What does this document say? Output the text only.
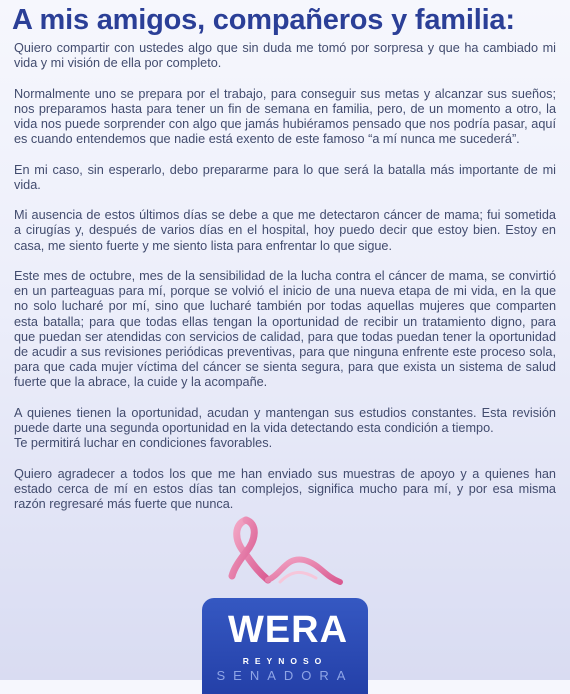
A mis amigos, compañeros y familia:

Quiero compartir con ustedes algo que sin duda me tomó por sorpresa y que ha cambiado mi vida y mi visión de ella por completo.

Normalmente uno se prepara por el trabajo, para conseguir sus metas y alcanzar sus sueños; nos preparamos hasta para tener un fin de semana en familia, pero, de un momento a otro, la vida nos puede sorprender con algo que jamás hubiéramos pensado que nos podría pasar, aquí es cuando entendemos que nadie está exento de este famoso “a mí nunca me sucederá”.

En mi caso, sin esperarlo, debo prepararme para lo que será la batalla más importante de mi vida.

Mi ausencia de estos últimos días se debe a que me detectaron cáncer de mama; fui sometida a cirugías y, después de varios días en el hospital, hoy puedo decir que estoy bien. Estoy en casa, me siento fuerte y me siento lista para enfrentar lo que sigue.

Este mes de octubre, mes de la sensibilidad de la lucha contra el cáncer de mama, se convirtió en un parteaguas para mí, porque se volvió el inicio de una nueva etapa de mi vida, en la que no solo lucharé por mí, sino que lucharé también por todas aquellas mujeres que comparten esta batalla; para que todas ellas tengan la oportunidad de recibir un tratamiento digno, para que puedan ser atendidas con servicios de calidad, para que todas puedan tener la oportunidad de acudir a sus revisiones periódicas preventivas, para que ninguna enfrente este proceso sola, para que cada mujer víctima del cáncer se sienta segura, para que exista un sistema de salud fuerte que la abrace, la cuide y la acompañe.

A quienes tienen la oportunidad, acudan y mantengan sus estudios constantes. Esta revisión puede darte una segunda oportunidad en la vida detectando esta condición a tiempo.

Te permitirá luchar en condiciones favorables.

Quiero agradecer a todos los que me han enviado sus muestras de apoyo y a quienes han estado cerca de mí en estos días tan complejos, significa mucho para mí, y por esa misma razón regresaré más fuerte que nunca.

WERA
REYNOSO
SENADORA
